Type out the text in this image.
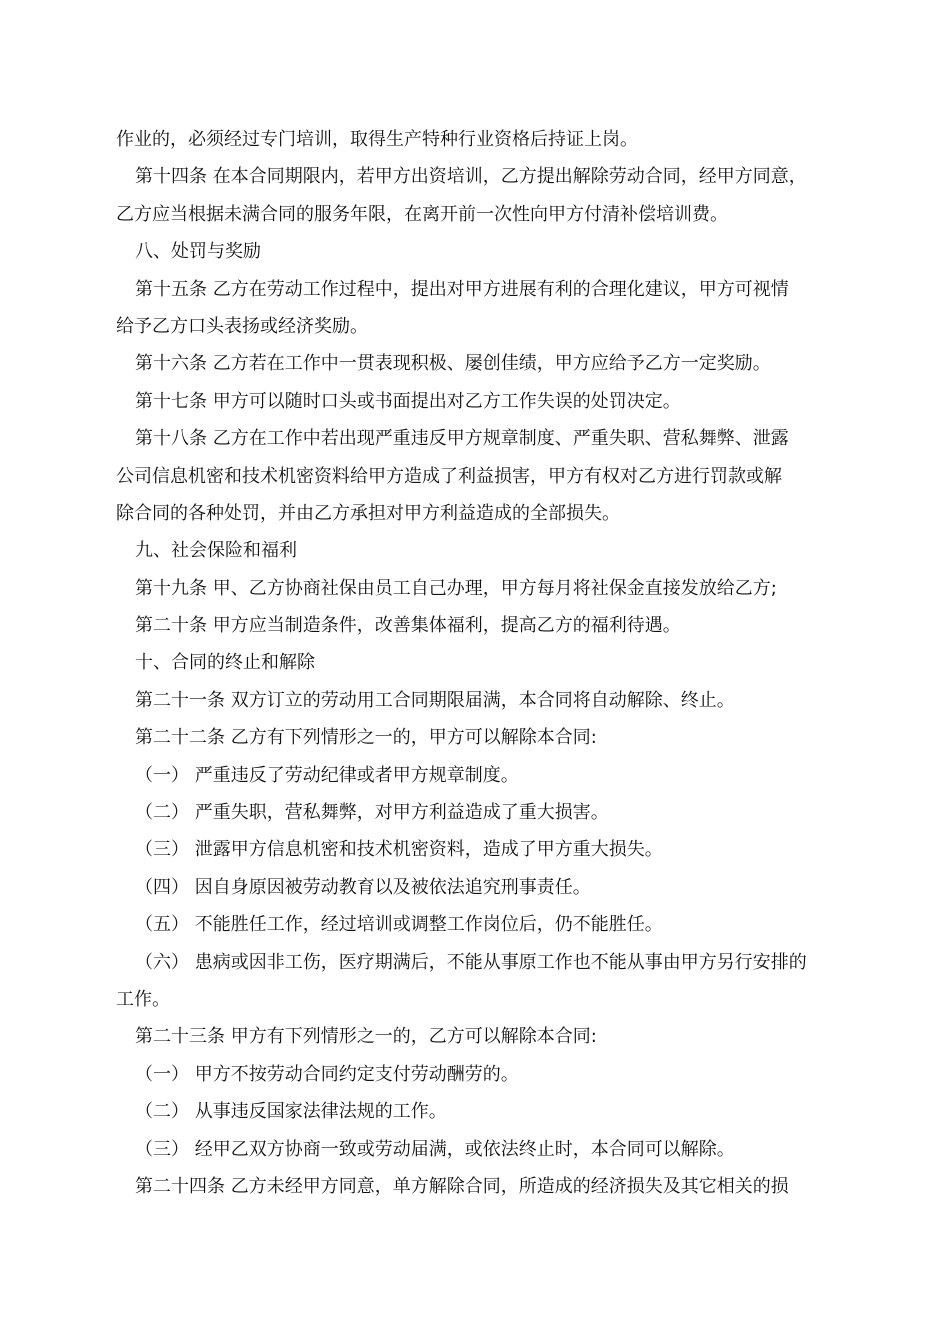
作业的，必须经过专门培训，取得生产特种行业资格后持证上岗。
第十四条 在本合同期限内，若甲方出资培训，乙方提出解除劳动合同，经甲方同意，
乙方应当根据未满合同的服务年限，在离开前一次性向甲方付清补偿培训费。
八、处罚与奖励
第十五条 乙方在劳动工作过程中，提出对甲方进展有利的合理化建议，甲方可视情
给予乙方口头表扬或经济奖励。
第十六条 乙方若在工作中一贯表现积极、屡创佳绩，甲方应给予乙方一定奖励。
第十七条 甲方可以随时口头或书面提出对乙方工作失误的处罚决定。
第十八条 乙方在工作中若出现严重违反甲方规章制度、严重失职、营私舞弊、泄露
公司信息机密和技术机密资料给甲方造成了利益损害，甲方有权对乙方进行罚款或解
除合同的各种处罚，并由乙方承担对甲方利益造成的全部损失。
九、社会保险和福利
第十九条 甲、乙方协商社保由员工自己办理，甲方每月将社保金直接发放给乙方;
第二十条 甲方应当制造条件，改善集体福利，提高乙方的福利待遇。
十、合同的终止和解除
第二十一条 双方订立的劳动用工合同期限届满，本合同将自动解除、终止。
第二十二条 乙方有下列情形之一的，甲方可以解除本合同:
（一） 严重违反了劳动纪律或者甲方规章制度。
（二） 严重失职，营私舞弊，对甲方利益造成了重大损害。
（三） 泄露甲方信息机密和技术机密资料，造成了甲方重大损失。
（四） 因自身原因被劳动教育以及被依法追究刑事责任。
（五） 不能胜任工作，经过培训或调整工作岗位后，仍不能胜任。
（六） 患病或因非工伤，医疗期满后，不能从事原工作也不能从事由甲方另行安排的
工作。
第二十三条 甲方有下列情形之一的，乙方可以解除本合同:
（一） 甲方不按劳动合同约定支付劳动酬劳的。
（二） 从事违反国家法律法规的工作。
（三） 经甲乙双方协商一致或劳动届满，或依法终止时，本合同可以解除。
第二十四条 乙方未经甲方同意，单方解除合同，所造成的经济损失及其它相关的损
